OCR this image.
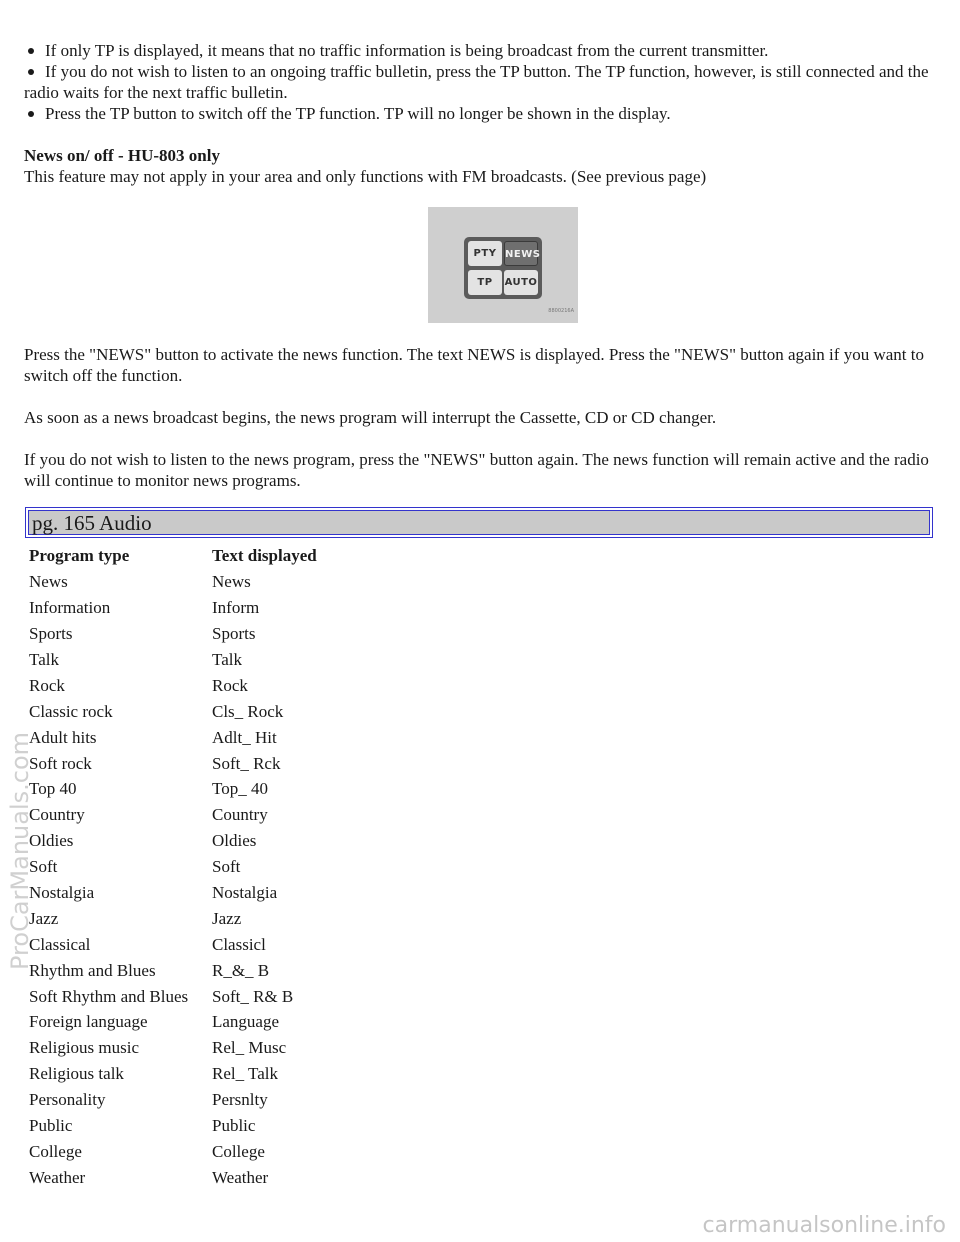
If only TP is displayed, it means that no traffic information is being broadcast from the current transmitter.
If you do not wish to listen to an ongoing traffic bulletin, press the TP button. The TP function, however, is still connected and the radio waits for the next traffic bulletin.
Press the TP button to switch off the TP function. TP will no longer be shown in the display.
News on/ off - HU-803 only

This feature may not apply in your area and only functions with FM broadcasts. (See previous page)

PTY NEWS
TP	AUTO
8800216A

Press the "NEWS" button to activate the news function. The text NEWS is displayed. Press the "NEWS" button again if you want to switch off the function.

As soon as a news broadcast begins, the news program will interrupt the Cassette, CD or CD changer.

If you do not wish to listen to the news program, press the "NEWS" button again. The news function will remain active and the radio will continue to monitor news programs.

pg. 165 Audio
Program type	Text displayed
News	News
Information	Inform
Sports	Sports
Talk	Talk
Rock	Rock
Classic rock	Cls_ Rock
Adult hits	Adlt_ Hit
Soft rock	Soft_ Rck
Top 40	Top_ 40
Country	Country
Oldies	Oldies
Soft	Soft
Nostalgia	Nostalgia
Jazz	Jazz
Classical	Classicl
Rhythm and Blues	R_&_ B
Soft Rhythm and Blues	Soft_ R& B
Foreign language	Language
Religious music	Rel_ Musc
Religious talk	Rel_ Talk
Personality	Persnlty
Public	Public
College	College
Weather	Weather
ProCarManuals.com
carmanualsonline.info
